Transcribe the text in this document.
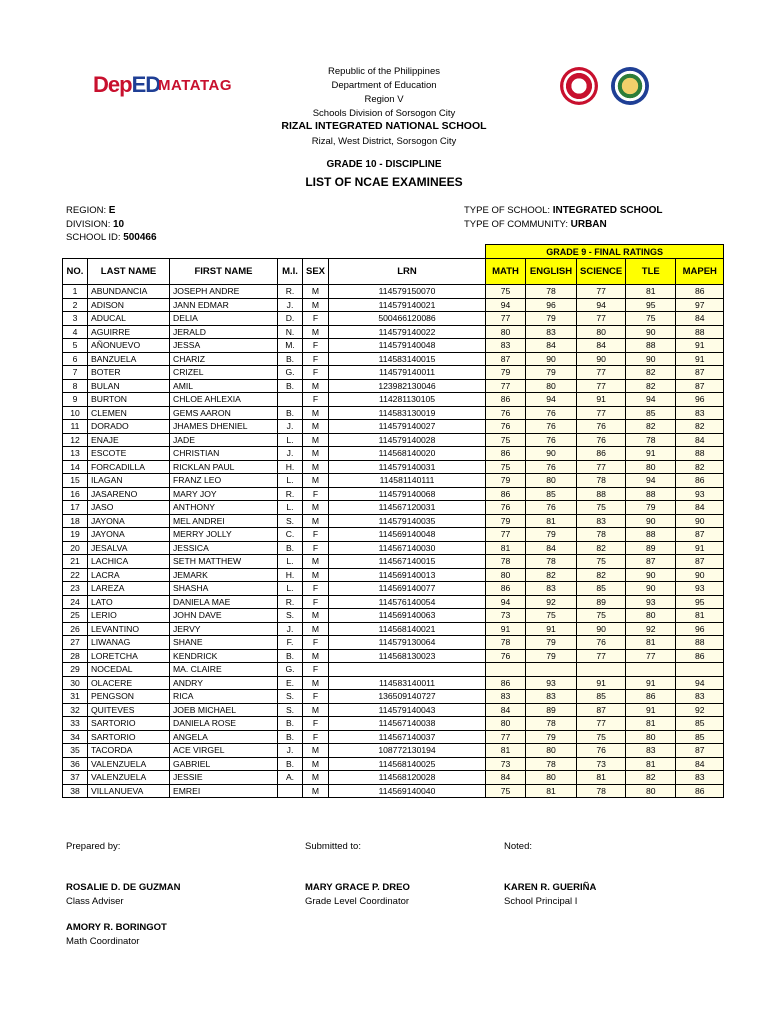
DepED
MATATAG
Republic of the Philippines
Department of Education
Region V
Schools Division of Sorsogon City
RIZAL INTEGRATED NATIONAL SCHOOL
Rizal, West District, Sorsogon City
GRADE 10 - DISCIPLINE
LIST OF NCAE EXAMINEES
REGION: E
DIVISION: 10
SCHOOL ID: 500466
TYPE OF SCHOOL: INTEGRATED SCHOOL
TYPE OF COMMUNITY: URBAN
						GRADE 9 - FINAL RATINGS				
NO.	LAST NAME	FIRST NAME	M.I.	SEX	LRN	MATH	ENGLISH	SCIENCE	TLE	MAPEH
1	ABUNDANCIA	JOSEPH ANDRE	R.	M	114579150070	75	78	77	81	86
2	ADISON	JANN EDMAR	J.	M	114579140021	94	96	94	95	97
3	ADUCAL	DELIA	D.	F	500466120086	77	79	77	75	84
4	AGUIRRE	JERALD	N.	M	114579140022	80	83	80	90	88
5	AÑONUEVO	JESSA	M.	F	114579140048	83	84	84	88	91
6	BANZUELA	CHARIZ	B.	F	114583140015	87	90	90	90	91
7	BOTER	CRIZEL	G.	F	114579140011	79	79	77	82	87
8	BULAN	AMIL	B.	M	123982130046	77	80	77	82	87
9	BURTON	CHLOE AHLEXIA		F	114281130105	86	94	91	94	96
10	CLEMEN	GEMS AARON	B.	M	114583130019	76	76	77	85	83
11	DORADO	JHAMES DHENIEL	J.	M	114579140027	76	76	76	82	82
12	ENAJE	JADE	L.	M	114579140028	75	76	76	78	84
13	ESCOTE	CHRISTIAN	J.	M	114568140020	86	90	86	91	88
14	FORCADILLA	RICKLAN PAUL	H.	M	114579140031	75	76	77	80	82
15	ILAGAN	FRANZ LEO	L.	M	114581140111	79	80	78	94	86
16	JASARENO	MARY JOY	R.	F	114579140068	86	85	88	88	93
17	JASO	ANTHONY	L.	M	114567120031	76	76	75	79	84
18	JAYONA	MEL ANDREI	S.	M	114579140035	79	81	83	90	90
19	JAYONA	MERRY JOLLY	C.	F	114569140048	77	79	78	88	87
20	JESALVA	JESSICA	B.	F	114567140030	81	84	82	89	91
21	LACHICA	SETH MATTHEW	L.	M	114567140015	78	78	75	87	87
22	LACRA	JEMARK	H.	M	114569140013	80	82	82	90	90
23	LAREZA	SHASHA	L.	F	114569140077	86	83	85	90	93
24	LATO	DANIELA MAE	R.	F	114576140054	94	92	89	93	95
25	LERIO	JOHN DAVE	S.	M	114569140063	73	75	75	80	81
26	LEVANTINO	JERVY	J.	M	114568140021	91	91	90	92	96
27	LIWANAG	SHANE	F.	F	114579130064	78	79	76	81	88
28	LORETCHA	KENDRICK	B.	M	114568130023	76	79	77	77	86
29	NOCEDAL	MA. CLAIRE	G.	F						
30	OLACERE	ANDRY	E.	M	114583140011	86	93	91	91	94
31	PENGSON	RICA	S.	F	136509140727	83	83	85	86	83
32	QUITEVES	JOEB MICHAEL	S.	M	114579140043	84	89	87	91	92
33	SARTORIO	DANIELA ROSE	B.	F	114567140038	80	78	77	81	85
34	SARTORIO	ANGELA	B.	F	114567140037	77	79	75	80	85
35	TACORDA	ACE VIRGEL	J.	M	108772130194	81	80	76	83	87
36	VALENZUELA	GABRIEL	B.	M	114568140025	73	78	73	81	84
37	VALENZUELA	JESSIE	A.	M	114568120028	84	80	81	82	83
38	VILLANUEVA	EMREI		M	114569140040	75	81	78	80	86
Prepared by:	Submitted to:	Noted:
ROSALIE D. DE GUZMAN
Class Adviser
MARY GRACE P. DREO
Grade Level Coordinator
KAREN R. GUERIÑA
School Principal I
AMORY R. BORINGOT
Math Coordinator
